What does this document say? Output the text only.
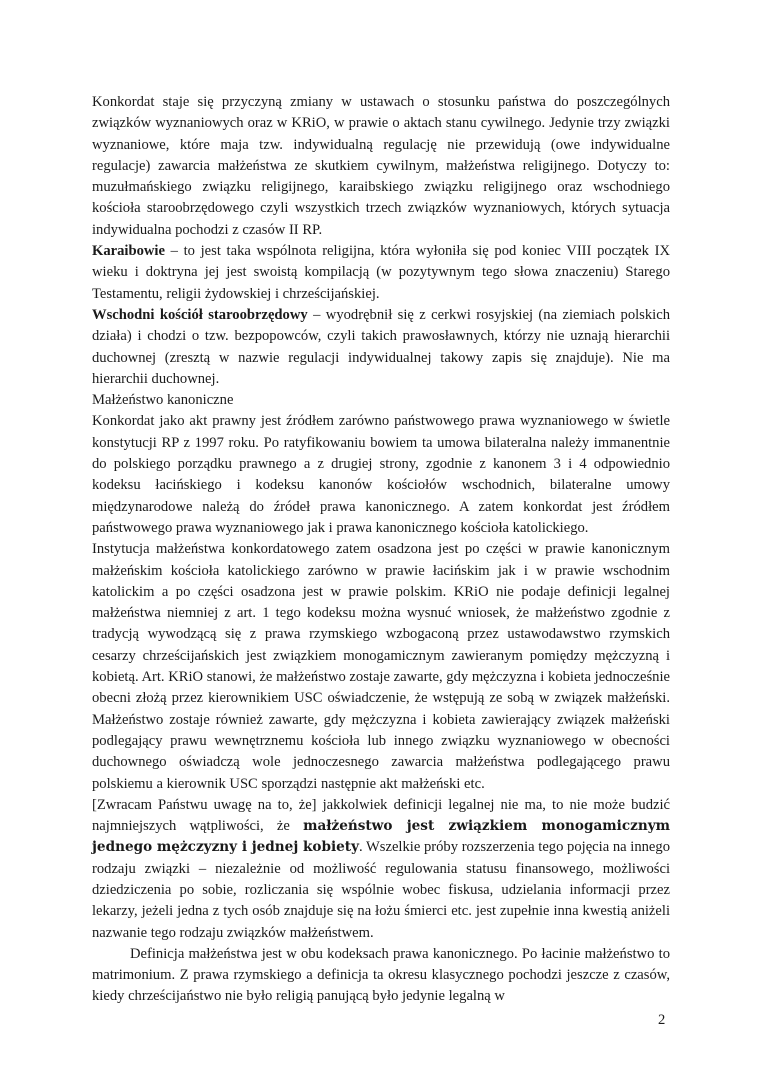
Konkordat staje się przyczyną zmiany w ustawach o stosunku państwa do poszczególnych związków wyznaniowych oraz w KRiO, w prawie o aktach stanu cywilnego. Jedynie trzy związki wyznaniowe, które maja tzw. indywidualną regulację nie przewidują (owe indywidualne regulacje) zawarcia małżeństwa ze skutkiem cywilnym, małżeństwa religijnego. Dotyczy to: muzułmańskiego związku religijnego, karaibskiego związku religijnego oraz wschodniego kościoła staroobrzędowego czyli wszystkich trzech związków wyznaniowych, których sytuacja indywidualna pochodzi z czasów II RP.

Karaibowie – to jest taka wspólnota religijna, która wyłoniła się pod koniec VIII początek IX wieku i doktryna jej jest swoistą kompilacją (w pozytywnym tego słowa znaczeniu) Starego Testamentu, religii żydowskiej i chrześcijańskiej.

Wschodni kościół staroobrzędowy – wyodrębnił się z cerkwi rosyjskiej (na ziemiach polskich działa) i chodzi o tzw. bezpopowców, czyli takich prawosławnych, którzy nie uznają hierarchii duchownej (zresztą w nazwie regulacji indywidualnej takowy zapis się znajduje). Nie ma hierarchii duchownej.

Małżeństwo kanoniczne

Konkordat jako akt prawny jest źródłem zarówno państwowego prawa wyznaniowego w świetle konstytucji RP z 1997 roku. Po ratyfikowaniu bowiem ta umowa bilateralna należy immanentnie do polskiego porządku prawnego a z drugiej strony, zgodnie z kanonem 3 i 4 odpowiednio kodeksu łacińskiego i kodeksu kanonów kościołów wschodnich, bilateralne umowy międzynarodowe należą do źródeł prawa kanonicznego. A zatem konkordat jest źródłem państwowego prawa wyznaniowego jak i prawa kanonicznego kościoła katolickiego.

Instytucja małżeństwa konkordatowego zatem osadzona jest po części w prawie kanonicznym małżeńskim kościoła katolickiego zarówno w prawie łacińskim jak i w prawie wschodnim katolickim a po części osadzona jest w prawie polskim. KRiO nie podaje definicji legalnej małżeństwa niemniej z art. 1 tego kodeksu można wysnuć wniosek, że małżeństwo zgodnie z tradycją wywodzącą się z prawa rzymskiego wzbogaconą przez ustawodawstwo rzymskich cesarzy chrześcijańskich jest związkiem monogamicznym zawieranym pomiędzy mężczyzną i kobietą. Art. KRiO stanowi, że małżeństwo zostaje zawarte, gdy mężczyzna i kobieta jednocześnie obecni złożą przez kierownikiem USC oświadczenie, że wstępują ze sobą w związek małżeński. Małżeństwo zostaje również zawarte, gdy mężczyzna i kobieta zawierający związek małżeński podlegający prawu wewnętrznemu kościoła lub innego związku wyznaniowego w obecności duchownego oświadczą wole jednoczesnego zawarcia małżeństwa podlegającego prawu polskiemu a kierownik USC sporządzi następnie akt małżeński etc.

[Zwracam Państwu uwagę na to, że] jakkolwiek definicji legalnej nie ma, to nie może budzić najmniejszych wątpliwości, że małżeństwo jest związkiem monogamicznym jednego mężczyzny i jednej kobiety. Wszelkie próby rozszerzenia tego pojęcia na innego rodzaju związki – niezależnie od możliwość regulowania statusu finansowego, możliwości dziedziczenia po sobie, rozliczania się wspólnie wobec fiskusa, udzielania informacji przez lekarzy, jeżeli jedna z tych osób znajduje się na łożu śmierci etc. jest zupełnie inna kwestią aniżeli nazwanie tego rodzaju związków małżeństwem.

Definicja małżeństwa jest w obu kodeksach prawa kanonicznego. Po łacinie małżeństwo to matrimonium. Z prawa rzymskiego a definicja ta okresu klasycznego pochodzi jeszcze z czasów, kiedy chrześcijaństwo nie było religią panującą było jedynie legalną w

2
